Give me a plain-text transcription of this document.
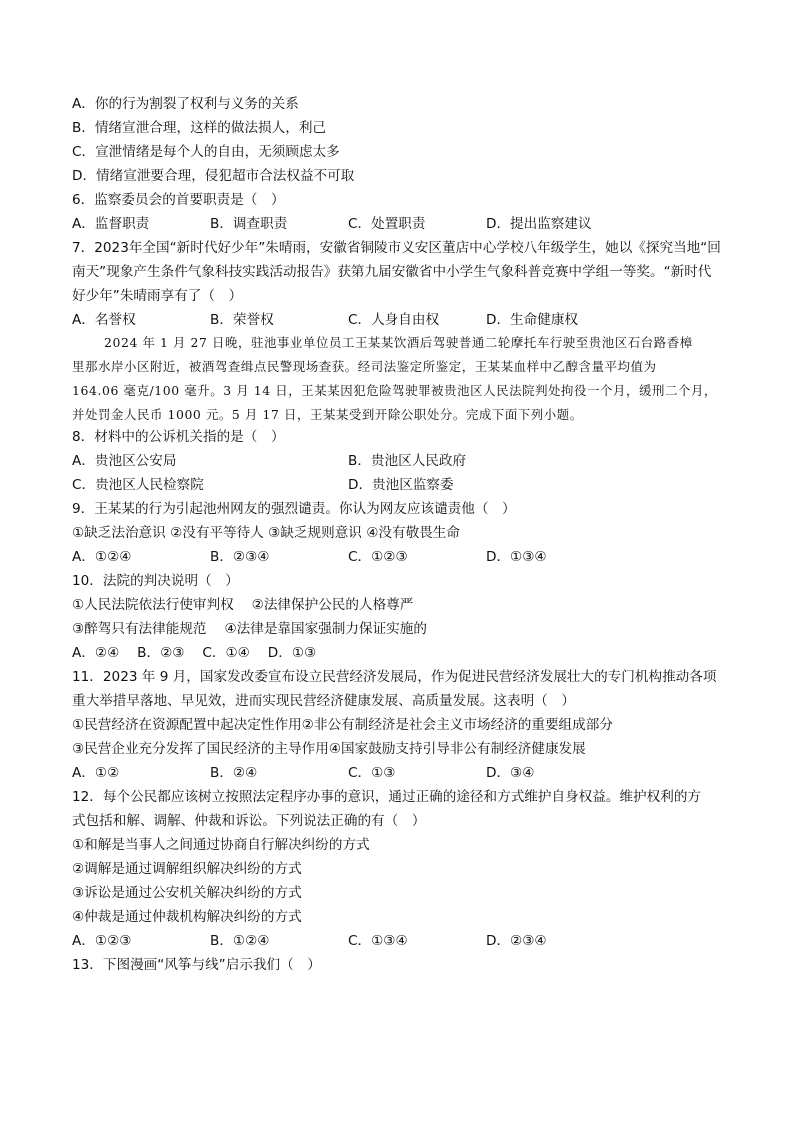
A．你的行为割裂了权利与义务的关系
B．情绪宣泄合理，这样的做法损人，利己
C．宣泄情绪是每个人的自由，无须顾虑太多
D．情绪宣泄要合理，侵犯超市合法权益不可取
6．监察委员会的首要职责是（　）
A．监督职责	B．调查职责	C．处置职责	D．提出监察建议
7．2023年全国“新时代好少年”朱晴雨，安徽省铜陵市义安区董店中心学校八年级学生，她以《探究当地“回
南天”现象产生条件气象科技实践活动报告》获第九届安徽省中小学生气象科普竞赛中学组一等奖。“新时代
好少年”朱晴雨享有了（　）
A．名誉权	B．荣誉权	C．人身自由权	D．生命健康权
2024 年 1 月 27 日晚，驻池事业单位员工王某某饮酒后驾驶普通二轮摩托车行驶至贵池区石台路香樟
里那水岸小区附近，被酒驾查缉点民警现场查获。经司法鉴定所鉴定，王某某血样中乙醇含量平均值为
164.06 毫克/100 毫升。3 月 14 日，王某某因犯危险驾驶罪被贵池区人民法院判处拘役一个月，缓刑二个月，
并处罚金人民币 1000 元。5 月 17 日，王某某受到开除公职处分。完成下面下列小题。
8．材料中的公诉机关指的是（　）
A．贵池区公安局	B．贵池区人民政府
C．贵池区人民检察院	D．贵池区监察委
9．王某某的行为引起池州网友的强烈谴责。你认为网友应该谴责他（　）
①缺乏法治意识 ②没有平等待人 ③缺乏规则意识 ④没有敬畏生命
A．①②④	B．②③④	C．①②③	D．①③④
10．法院的判决说明（　）
①人民法院依法行使审判权　 ②法律保护公民的人格尊严
③醉驾只有法律能规范　 ④法律是靠国家强制力保证实施的
A．②④　 B．②③　 C．①④　 D．①③
11．2023 年 9 月，国家发改委宣布设立民营经济发展局，作为促进民营经济发展壮大的专门机构推动各项
重大举措早落地、早见效，进而实现民营经济健康发展、高质量发展。这表明（　）
①民营经济在资源配置中起决定性作用②非公有制经济是社会主义市场经济的重要组成部分
③民营企业充分发挥了国民经济的主导作用④国家鼓励支持引导非公有制经济健康发展
A．①②	B．②④	C．①③	D．③④
12．每个公民都应该树立按照法定程序办事的意识，通过正确的途径和方式维护自身权益。维护权利的方
式包括和解、调解、仲裁和诉讼。下列说法正确的有（　）
①和解是当事人之间通过协商自行解决纠纷的方式
②调解是通过调解组织解决纠纷的方式
③诉讼是通过公安机关解决纠纷的方式
④仲裁是通过仲裁机构解决纠纷的方式
A．①②③	B．①②④	C．①③④	D．②③④
13．下图漫画“风筝与线”启示我们（　）
